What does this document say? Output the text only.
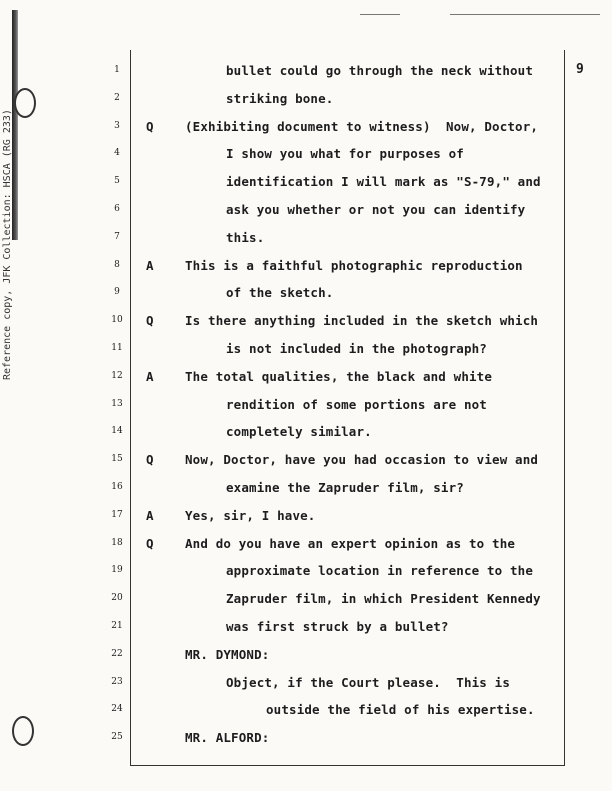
Reference copy, JFK Collection: HSCA (RG 233)
9
1	bullet could go through the neck without
2	striking bone.
3	Q	(Exhibiting document to witness)  Now, Doctor,
4	I show you what for purposes of
5	identification I will mark as "S-79," and
6	ask you whether or not you can identify
7	this.
8	A	This is a faithful photographic reproduction
9	of the sketch.
10 Q	Is there anything included in the sketch which
11	is not included in the photograph?
12 A	The total qualities, the black and white
13	rendition of some portions are not
14	completely similar.
15 Q	Now, Doctor, have you had occasion to view and
16	examine the Zapruder film, sir?
17 A	Yes, sir, I have.
18 Q	And do you have an expert opinion as to the
19	approximate location in reference to the
20	Zapruder film, in which President Kennedy
21	was first struck by a bullet?
22	MR. DYMOND:
23	Object, if the Court please.  This is
24	outside the field of his expertise.
25	MR. ALFORD:
